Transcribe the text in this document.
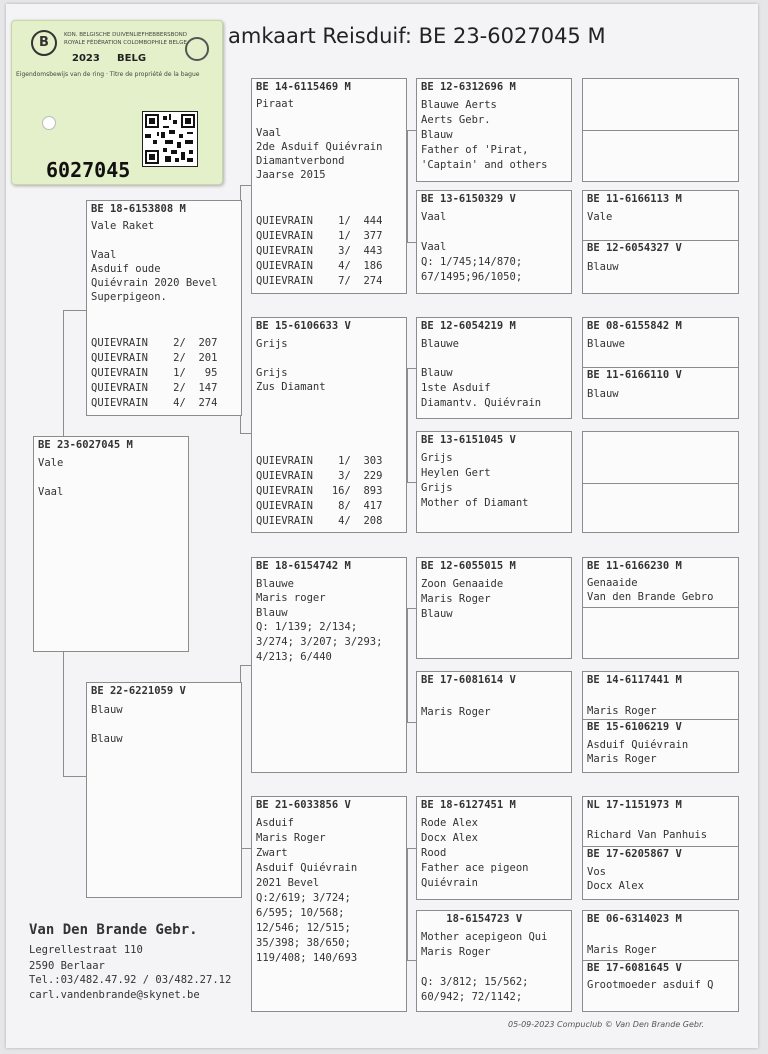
amkaart Reisduif: BE 23-6027045 M
B	KON. BELGISCHE DUIVENLIEFHEBBERSBOND
ROYALE FÉDÉRATION COLOMBOPHILE BELGE
2023 BELG
Eigendomsbewijs van de ring · Titre de propriété de la bague
6027045
BE 23-6027045 M
Vale
Vaal
BE 18-6153808 M
Vale Raket
Vaal
Asduif oude
Quiévrain 2020 Bevel
Superpigeon.
QUIEVRAIN    2/  207
QUIEVRAIN    2/  201
QUIEVRAIN    1/   95
QUIEVRAIN    2/  147
QUIEVRAIN    4/  274
BE 22-6221059 V
Blauw
Blauw
BE 14-6115469 M
Piraat
Vaal
2de Asduif Quiévrain
Diamantverbond
Jaarse 2015
QUIEVRAIN    1/  444
QUIEVRAIN    1/  377
QUIEVRAIN    3/  443
QUIEVRAIN    4/  186
QUIEVRAIN    7/  274
BE 15-6106633 V
Grijs
Grijs
Zus Diamant
QUIEVRAIN    1/  303
QUIEVRAIN    3/  229
QUIEVRAIN   16/  893
QUIEVRAIN    8/  417
QUIEVRAIN    4/  208
BE 18-6154742 M
Blauwe
Maris roger
Blauw
Q: 1/139; 2/134;
3/274; 3/207; 3/293;
4/213; 6/440
BE 21-6033856 V
Asduif
Maris Roger
Zwart
Asduif Quiévrain
2021 Bevel
Q:2/619; 3/724;
6/595; 10/568;
12/546; 12/515;
35/398; 38/650;
119/408; 140/693
BE 12-6312696 M
Blauwe Aerts
Aerts Gebr.
Blauw
Father of 'Pirat,
'Captain' and others
BE 13-6150329 V
Vaal
Vaal
Q: 1/745;14/870;
67/1495;96/1050;
BE 12-6054219 M
Blauwe
Blauw
1ste Asduif
Diamantv. Quiévrain
BE 13-6151045 V
Grijs
Heylen Gert
Grijs
Mother of Diamant
BE 12-6055015 M
Zoon Genaaide
Maris Roger
Blauw
BE 17-6081614 V
Maris Roger
BE 18-6127451 M
Rode Alex
Docx Alex
Rood
Father ace pigeon
Quiévrain
18-6154723 V
Mother acepigeon Qui
Maris Roger
Q: 3/812; 15/562;
60/942; 72/1142;
BE 11-6166113 M
Vale
BE 12-6054327 V
Blauw
BE 08-6155842 M
Blauwe
BE 11-6166110 V
Blauw
BE 11-6166230 M
Genaaide
Van den Brande Gebro
BE 14-6117441 M
Maris Roger
BE 15-6106219 V
Asduif Quiévrain
Maris Roger
NL 17-1151973 M
Richard Van Panhuis
BE 17-6205867 V
Vos
Docx Alex
BE 06-6314023 M
Maris Roger
BE 17-6081645 V
Grootmoeder asduif Q
Van Den Brande Gebr.
Legrellestraat 110
2590 Berlaar
Tel.:03/482.47.92 / 03/482.27.12
carl.vandenbrande@skynet.be
05-09-2023 Compuclub © Van Den Brande Gebr.
